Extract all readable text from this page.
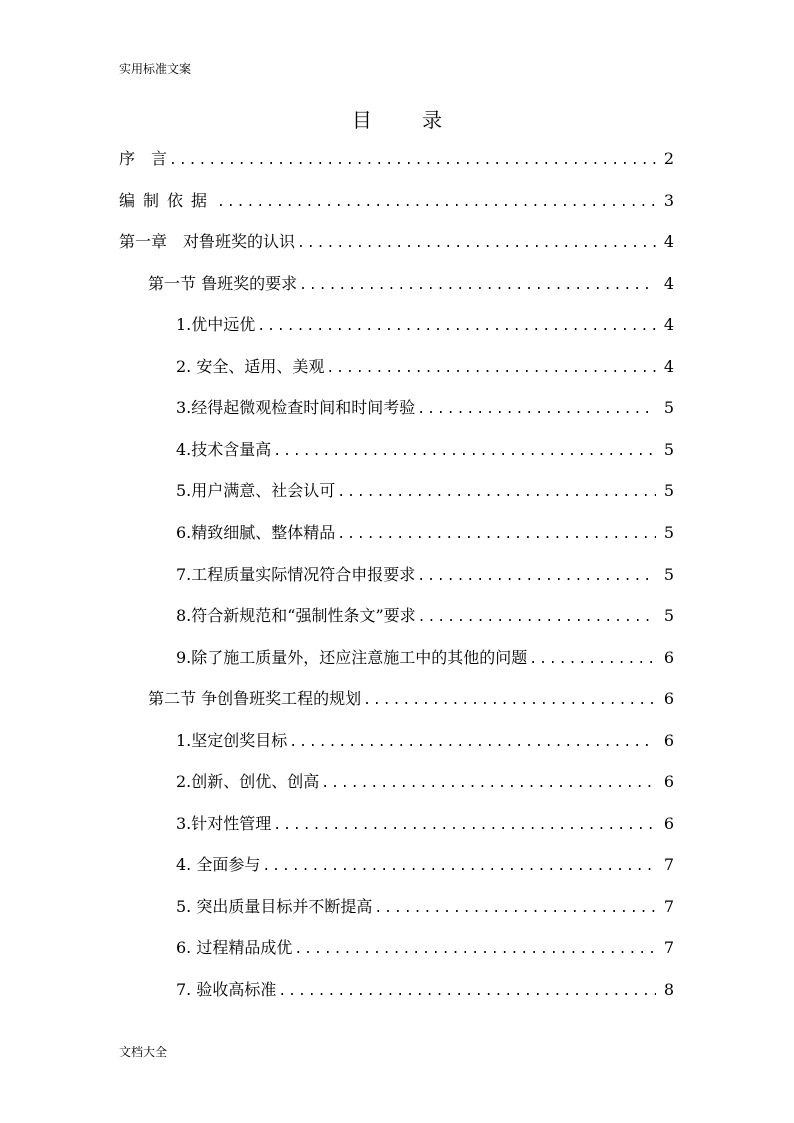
实用标准文案
目 录
序　言 .....	2
编制依据 .....	3
第一章　对鲁班奖的认识 .....	4
第一节 鲁班奖的要求 .....	4
1.优中远优 .....	4
2. 安全、适用、美观 .....	4
3.经得起微观检查时间和时间考验 .....	5
4.技术含量高 .....	5
5.用户满意、社会认可 .....	5
6.精致细腻、整体精品 .....	5
7.工程质量实际情况符合申报要求 .....	5
8.符合新规范和“强制性条文”要求 .....	5
9.除了施工质量外，还应注意施工中的其他的问题 .....	6
第二节 争创鲁班奖工程的规划 .....	6
1.坚定创奖目标 .....	6
2.创新、创优、创高 .....	6
3.针对性管理 .....	6
4. 全面参与 .....	7
5. 突出质量目标并不断提高 .....	7
6. 过程精品成优 .....	7
7. 验收高标准 .....	8
文档大全
